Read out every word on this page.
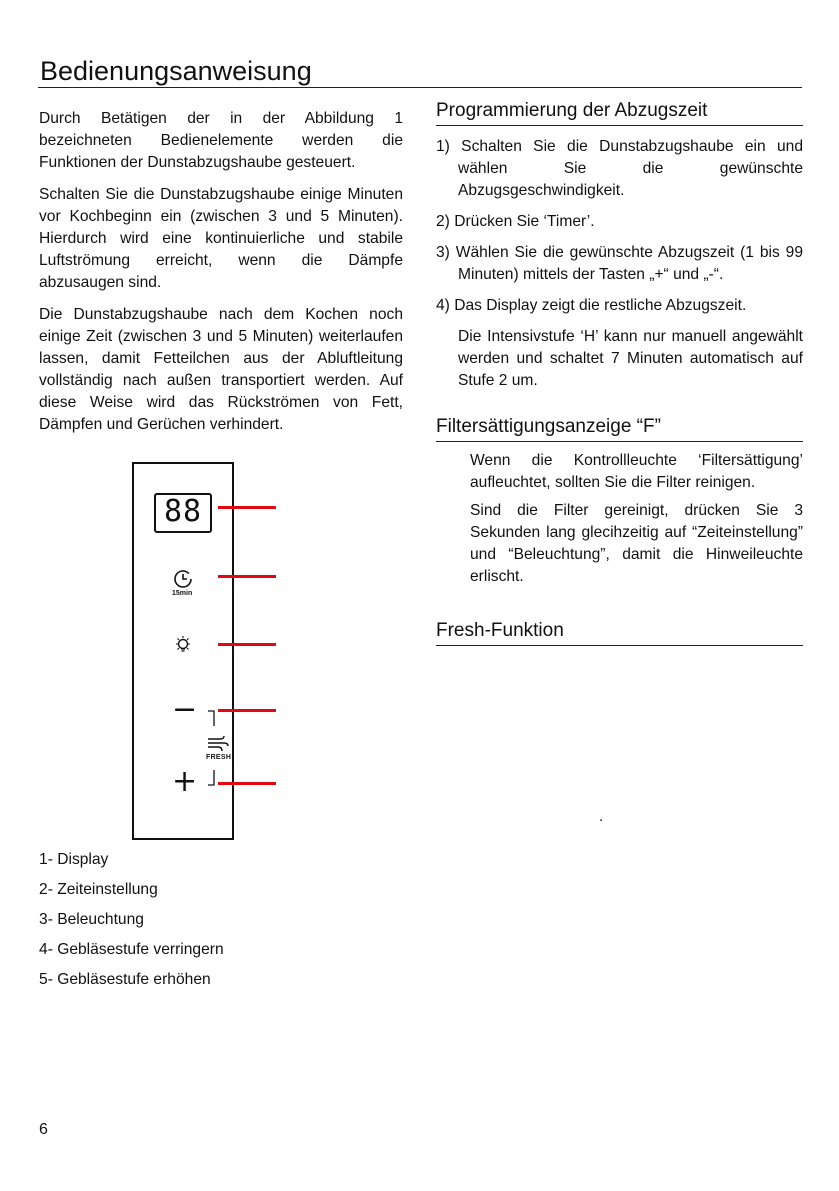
Bedienungsanweisung

Durch Betätigen der in der Abbildung 1 bezeichneten Bedienelemente werden die Funktionen der Dunstabzugshaube gesteuert.

Schalten Sie die Dunstabzugshaube einige Minuten vor Kochbeginn ein (zwischen 3 und 5 Minuten). Hierdurch wird eine kontinuierliche und stabile Luftströmung erreicht, wenn die Dämpfe abzusaugen sind.

Die Dunstabzugshaube nach dem Kochen noch einige Zeit (zwischen 3 und 5 Minuten) weiterlaufen lassen, damit Fetteilchen aus der Abluftleitung vollständig nach außen transportiert werden. Auf diese Weise wird das Rückströmen von Fett, Dämpfen und Gerüchen verhindert.

88
15min
−
FRESH
+
1- Display
2- Zeiteinstellung
3- Beleuchtung
4- Gebläsestufe verringern
5- Gebläsestufe erhöhen
Programmierung der Abzugszeit
1) Schalten Sie die Dunstabzugshaube ein und wählen Sie die gewünschte Abzugsgeschwindigkeit.
2) Drücken Sie ‘Timer’.
3) Wählen Sie die gewünschte Abzugszeit (1 bis 99 Minuten) mittels der Tasten „+“ und „-“.
4) Das Display zeigt die restliche Abzugszeit.

Die Intensivstufe ‘H’ kann nur manuell angewählt werden und schaltet 7 Minuten automatisch auf Stufe 2 um.

Filtersättigungsanzeige “F”

Wenn die Kontrollleuchte ‘Filtersättigung’ aufleuchtet, sollten Sie die Filter reinigen.

Sind die Filter gereinigt, drücken Sie 3 Sekunden lang glecihzeitig auf “Zeiteinstellung” und “Beleuchtung”, damit die Hinweileuchte erlischt.

Fresh-Funktion
.
6
